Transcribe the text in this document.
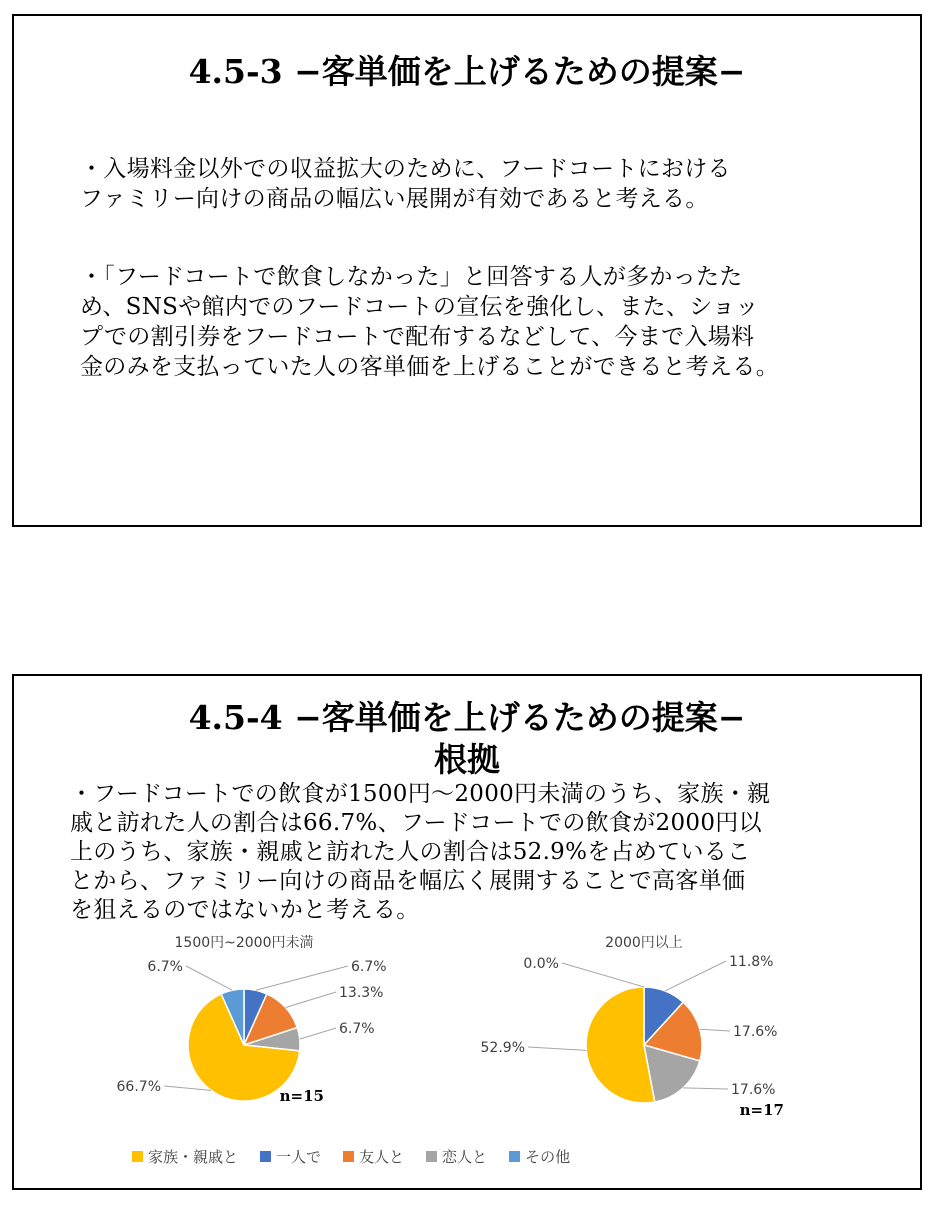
4.5-3 −客単価を上げるための提案−
・入場料金以外での収益拡大のために、フードコートにおける
ファミリー向けの商品の幅広い展開が有効であると考える。
・「フードコートで飲食しなかった」と回答する人が多かったた
め、SNSや館内でのフードコートの宣伝を強化し、また、ショッ
プでの割引券をフードコートで配布するなどして、今まで入場料
金のみを支払っていた人の客単価を上げることができると考える。
4.5-4 −客単価を上げるための提案−
根拠
・フードコートでの飲食が1500円〜2000円未満のうち、家族・親
戚と訪れた人の割合は66.7%、フードコートでの飲食が2000円以
上のうち、家族・親戚と訪れた人の割合は52.9%を占めているこ
とから、ファミリー向けの商品を幅広く展開することで高客単価
を狙えるのではないかと考える。
1500円~2000円未満
6.7%
13.3%
6.7%
66.7%
6.7%
n=15
2000円以上
11.8%
17.6%
17.6%
52.9%
0.0%
n=17
家族・親戚と	一人で	友人と	恋人と	その他
